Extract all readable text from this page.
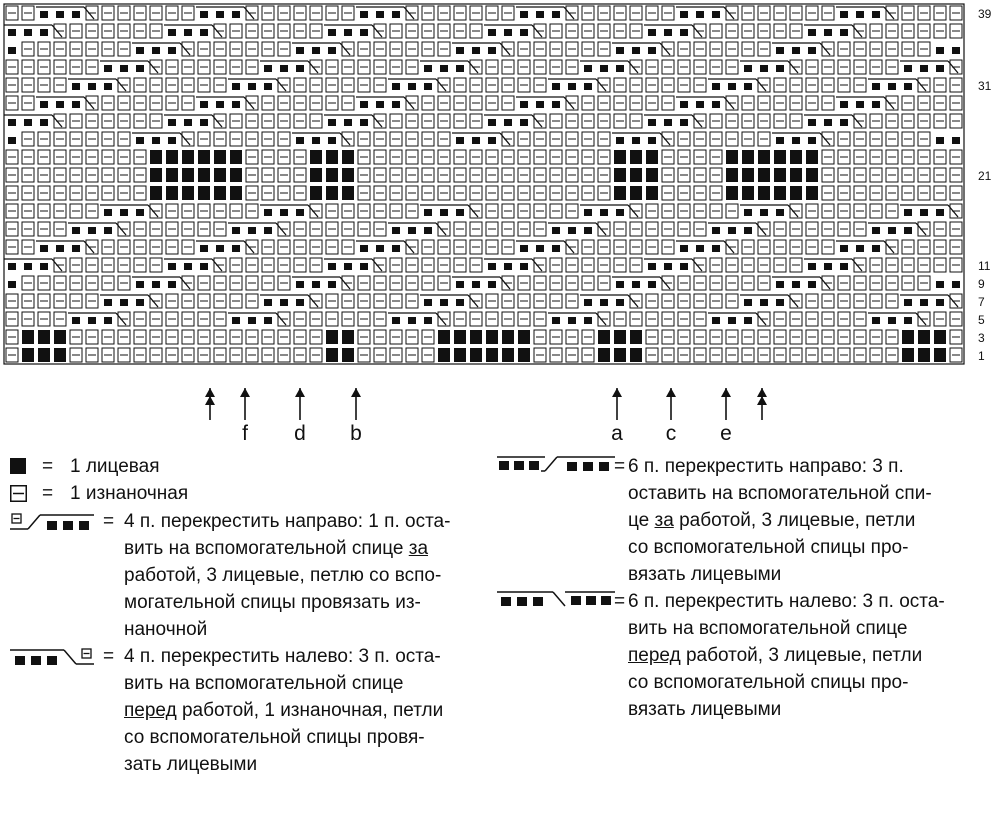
39
31
21
11
9
7
5
3
1
f	d	b	a	c	e
= 1 лицевая
= 1 изнаночная
= 4 п. перекрестить направо: 1 п. оста-
вить на вспомогательной спице за
работой, 3 лицевые, петлю со вспо-
могательной спицы провязать из-
наночной
= 4 п. перекрестить налево: 3 п. оста-
вить на вспомогательной спице
перед работой, 1 изнаночная, петли
со вспомогательной спицы провя-
зать лицевыми
= 6 п. перекрестить направо: 3 п.
оставить на вспомогательной спи-
це за работой, 3 лицевые, петли
со вспомогательной спицы про-
вязать лицевыми
= 6 п. перекрестить налево: 3 п. оста-
вить на вспомогательной спице
перед работой, 3 лицевые, петли
со вспомогательной спицы про-
вязать лицевыми
